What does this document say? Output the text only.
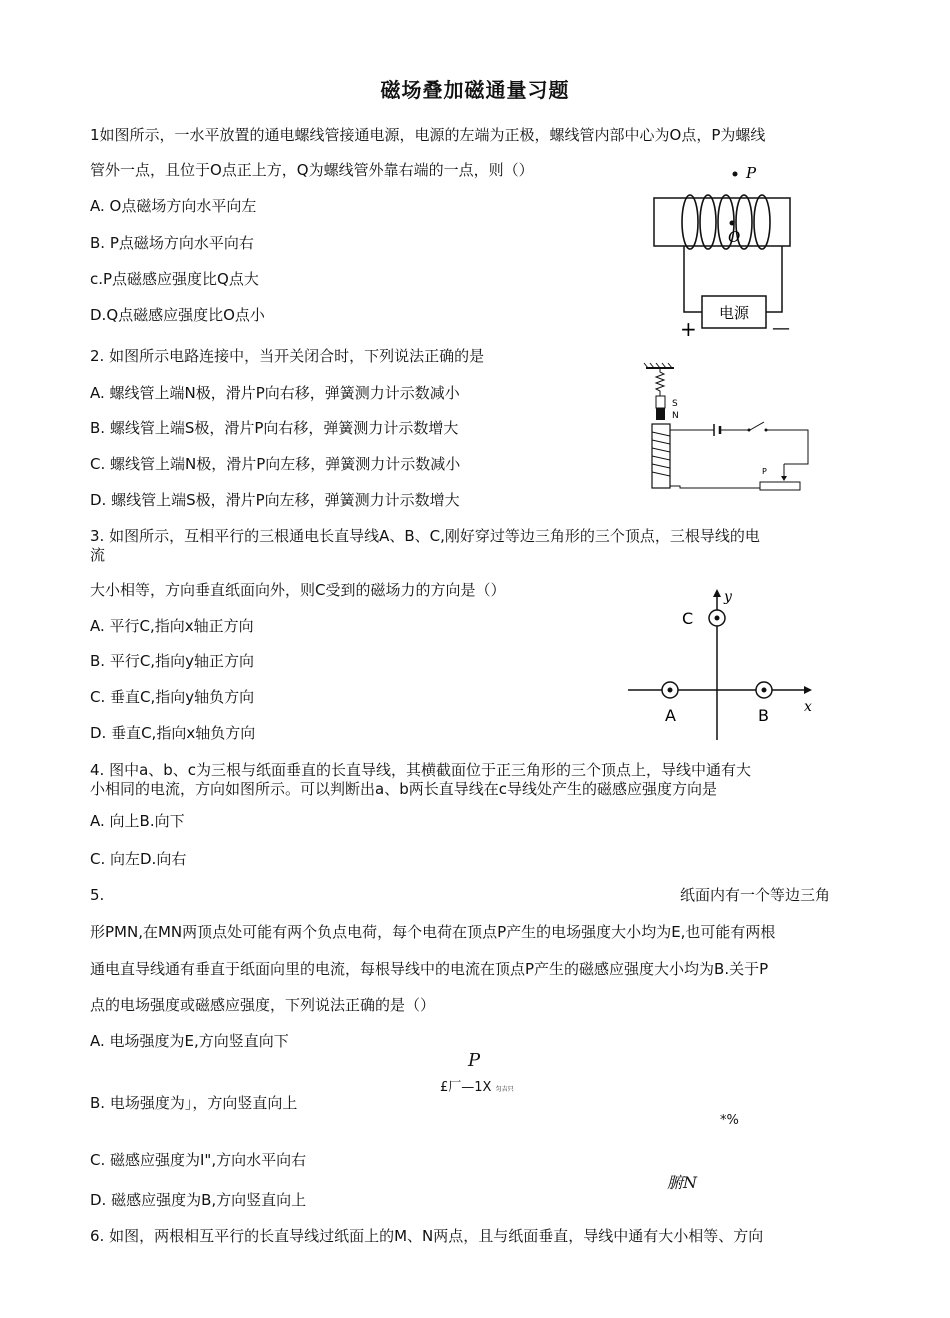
磁场叠加磁通量习题
1如图所示，一水平放置的通电螺线管接通电源，电源的左端为正极，螺线管内部中心为O点，P为螺线
管外一点，且位于O点正上方，Q为螺线管外靠右端的一点，则（）
A. O点磁场方向水平向左
B. P点磁场方向水平向右
c.P点磁感应强度比Q点大
D.Q点磁感应强度比O点小
P
O
电源
+	—
2. 如图所示电路连接中，当开关闭合时，下列说法正确的是
A. 螺线管上端N极，滑片P向右移，弹簧测力计示数减小
B. 螺线管上端S极，滑片P向右移，弹簧测力计示数增大
C. 螺线管上端N极，滑片P向左移，弹簧测力计示数减小
D. 螺线管上端S极，滑片P向左移，弹簧测力计示数增大
S
N
P
3. 如图所示，互相平行的三根通电长直导线A、B、C,刚好穿过等边三角形的三个顶点，三根导线的电
流
大小相等，方向垂直纸面向外，则C受到的磁场力的方向是（）
A. 平行C,指向x轴正方向
B. 平行C,指向y轴正方向
C. 垂直C,指向y轴负方向
D. 垂直C,指向x轴负方向
y
x
C
A	B
4. 图中a、b、c为三根与纸面垂直的长直导线，其横截面位于正三角形的三个顶点上，导线中通有大
小相同的电流，方向如图所示。可以判断出a、b两长直导线在c导线处产生的磁感应强度方向是
A. 向上B.向下
C. 向左D.向右
5.	纸面内有一个等边三角
形PMN,在MN两顶点处可能有两个负点电荷，每个电荷在顶点P产生的电场强度大小均为E,也可能有两根
通电直导线通有垂直于纸面向里的电流，每根导线中的电流在顶点P产生的磁感应强度大小均为B.关于P
点的电场强度或磁感应强度，下列说法正确的是（）
A. 电场强度为E,方向竖直向下
B. 电场强度为」，方向竖直向上
C. 磁感应强度为I",方向水平向右
D. 磁感应强度为B,方向竖直向上
P
£厂—1X 匀吉只
*%
腑N
6. 如图，两根相互平行的长直导线过纸面上的M、N两点，且与纸面垂直，导线中通有大小相等、方向
